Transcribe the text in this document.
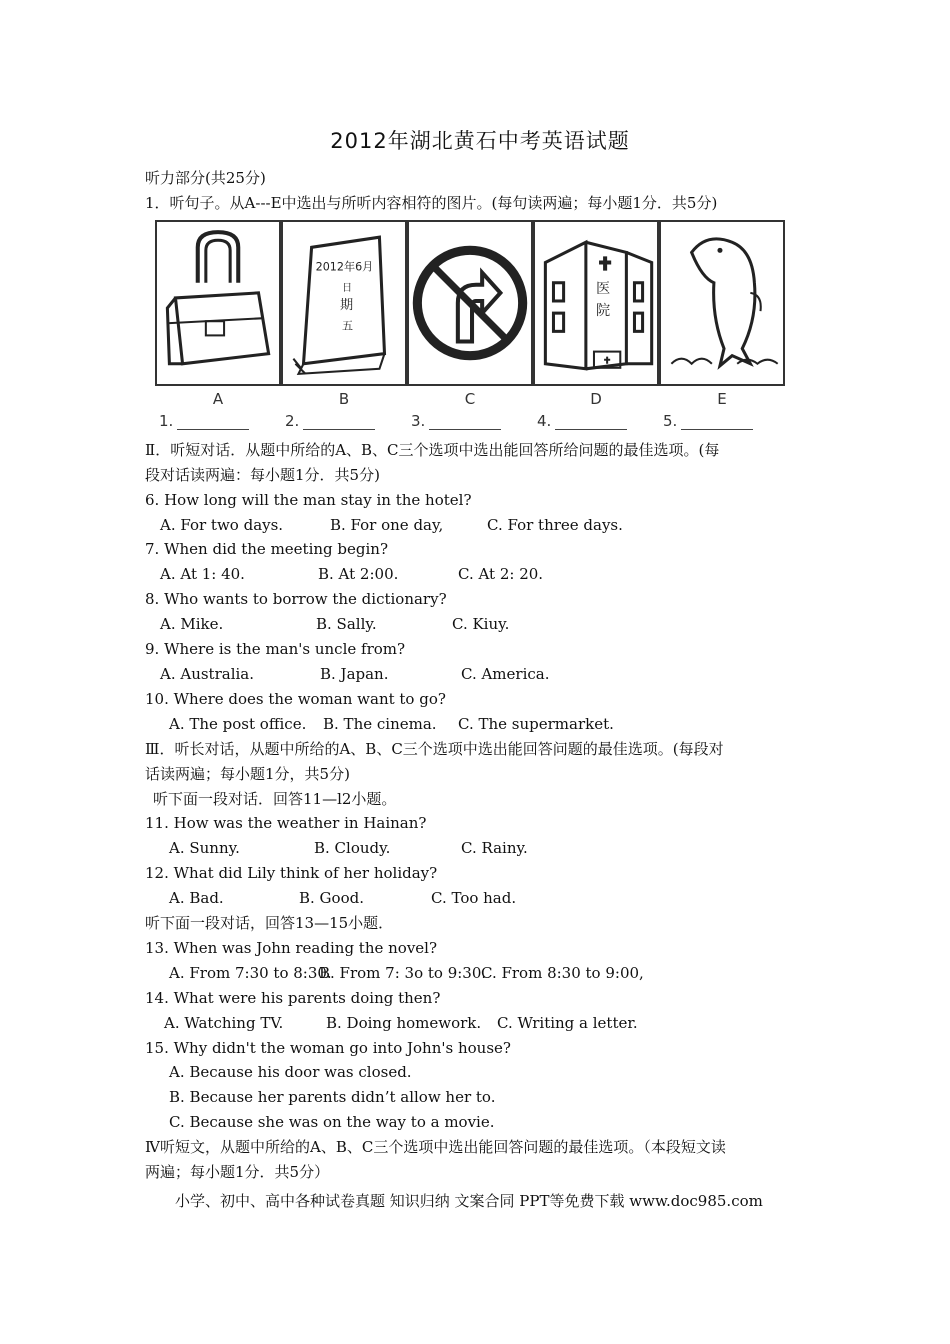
2012年湖北黄石中考英语试题

听力部分(共25分)

1．听句子。从A---E中选出与所听内容相符的图片。(每句读两遍；每小题1分．共5分)

A
1.
2012年6月
日
期
五
B
2.
C
3.
医
院
D
4.
E
5.

Ⅱ．听短对话．从题中所给的A、B、C三个选项中选出能回答所给问题的最佳选项。(每

段对话读两遍：每小题1分．共5分)

6. How long will the man stay in the hotel?

A. For two days.	B. For one day,	C. For three days.

7. When did the meeting begin?

A. At 1: 40.	B. At 2:00.	C. At 2: 20.

8. Who wants to borrow the dictionary?

A. Mike.	B. Sally.	C. Kiuy.

9. Where is the man's uncle from?

A. Australia.	B. Japan.	C. America.

10. Where does the woman want to go?

A. The post office.	B. The cinema.	C. The supermarket.

Ⅲ．听长对话，从题中所给的A、B、C三个选项中选出能回答问题的最佳选项。(每段对

话读两遍；每小题1分，共5分)

听下面一段对话．回答11—l2小题。

11. How was the weather in Hainan?

A. Sunny.	B. Cloudy.	C. Rainy.

12. What did Lily think of her holiday?

A. Bad.	B. Good.	C. Too had.

听下面一段对话，回答13—15小题．

13. When was John reading the novel?

A. From 7:30 to 8:30.
B. From 7: 3o to 9:30.
C. From 8:30 to 9:00,

14. What were his parents doing then?

A. Watching TV.	B. Doing homework.	C. Writing a letter.

15. Why didn't the woman go into John's house?

A. Because his door was closed.

B. Because her parents didn’t allow her to.

C. Because she was on the way to a movie.

Ⅳ听短文，从题中所给的A、B、C三个选项中选出能回答问题的最佳选项。（本段短文读

两遍；每小题1分．共5分）

小学、初中、高中各种试卷真题 知识归纳 文案合同 PPT等免费下载 www.doc985.com
